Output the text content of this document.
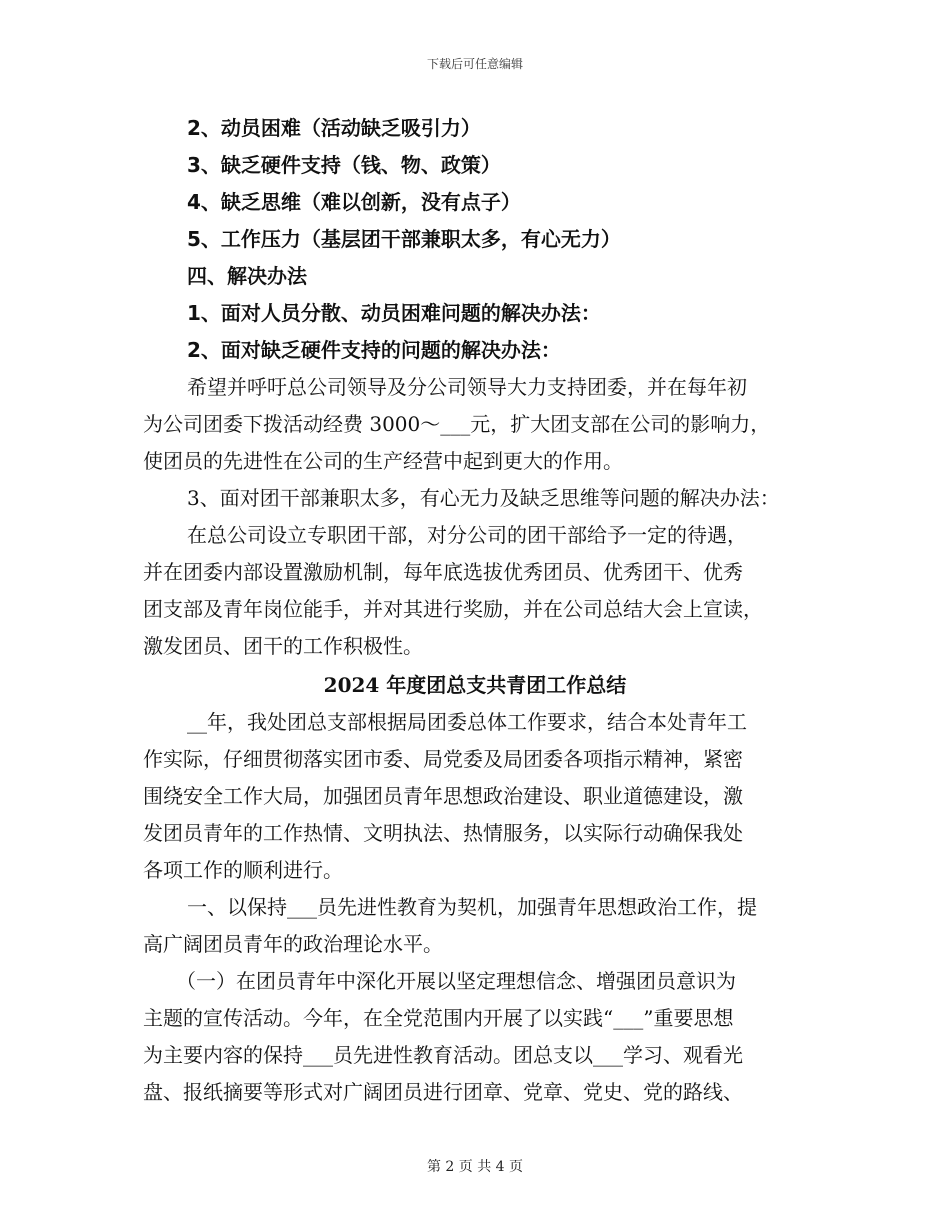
下载后可任意编辑
2、动员困难（活动缺乏吸引力）
3、缺乏硬件支持（钱、物、政策）
4、缺乏思维（难以创新，没有点子）
5、工作压力（基层团干部兼职太多，有心无力）
四、解决办法
1、面对人员分散、动员困难问题的解决办法：
2、面对缺乏硬件支持的问题的解决办法：
希望并呼吁总公司领导及分公司领导大力支持团委，并在每年初
为公司团委下拨活动经费 3000～___元，扩大团支部在公司的影响力，
使团员的先进性在公司的生产经营中起到更大的作用。
3、面对团干部兼职太多，有心无力及缺乏思维等问题的解决办法：
在总公司设立专职团干部，对分公司的团干部给予一定的待遇，
并在团委内部设置激励机制，每年底选拔优秀团员、优秀团干、优秀
团支部及青年岗位能手，并对其进行奖励，并在公司总结大会上宣读，
激发团员、团干的工作积极性。
2024 年度团总支共青团工作总结
__年，我处团总支部根据局团委总体工作要求，结合本处青年工
作实际，仔细贯彻落实团市委、局党委及局团委各项指示精神，紧密
围绕安全工作大局，加强团员青年思想政治建设、职业道德建设，激
发团员青年的工作热情、文明执法、热情服务，以实际行动确保我处
各项工作的顺利进行。
一、以保持___员先进性教育为契机，加强青年思想政治工作，提
高广阔团员青年的政治理论水平。
（一）在团员青年中深化开展以坚定理想信念、增强团员意识为
主题的宣传活动。今年，在全党范围内开展了以实践“___”重要思想
为主要内容的保持___员先进性教育活动。团总支以___学习、观看光
盘、报纸摘要等形式对广阔团员进行团章、党章、党史、党的路线、
第 2 页 共 4 页
